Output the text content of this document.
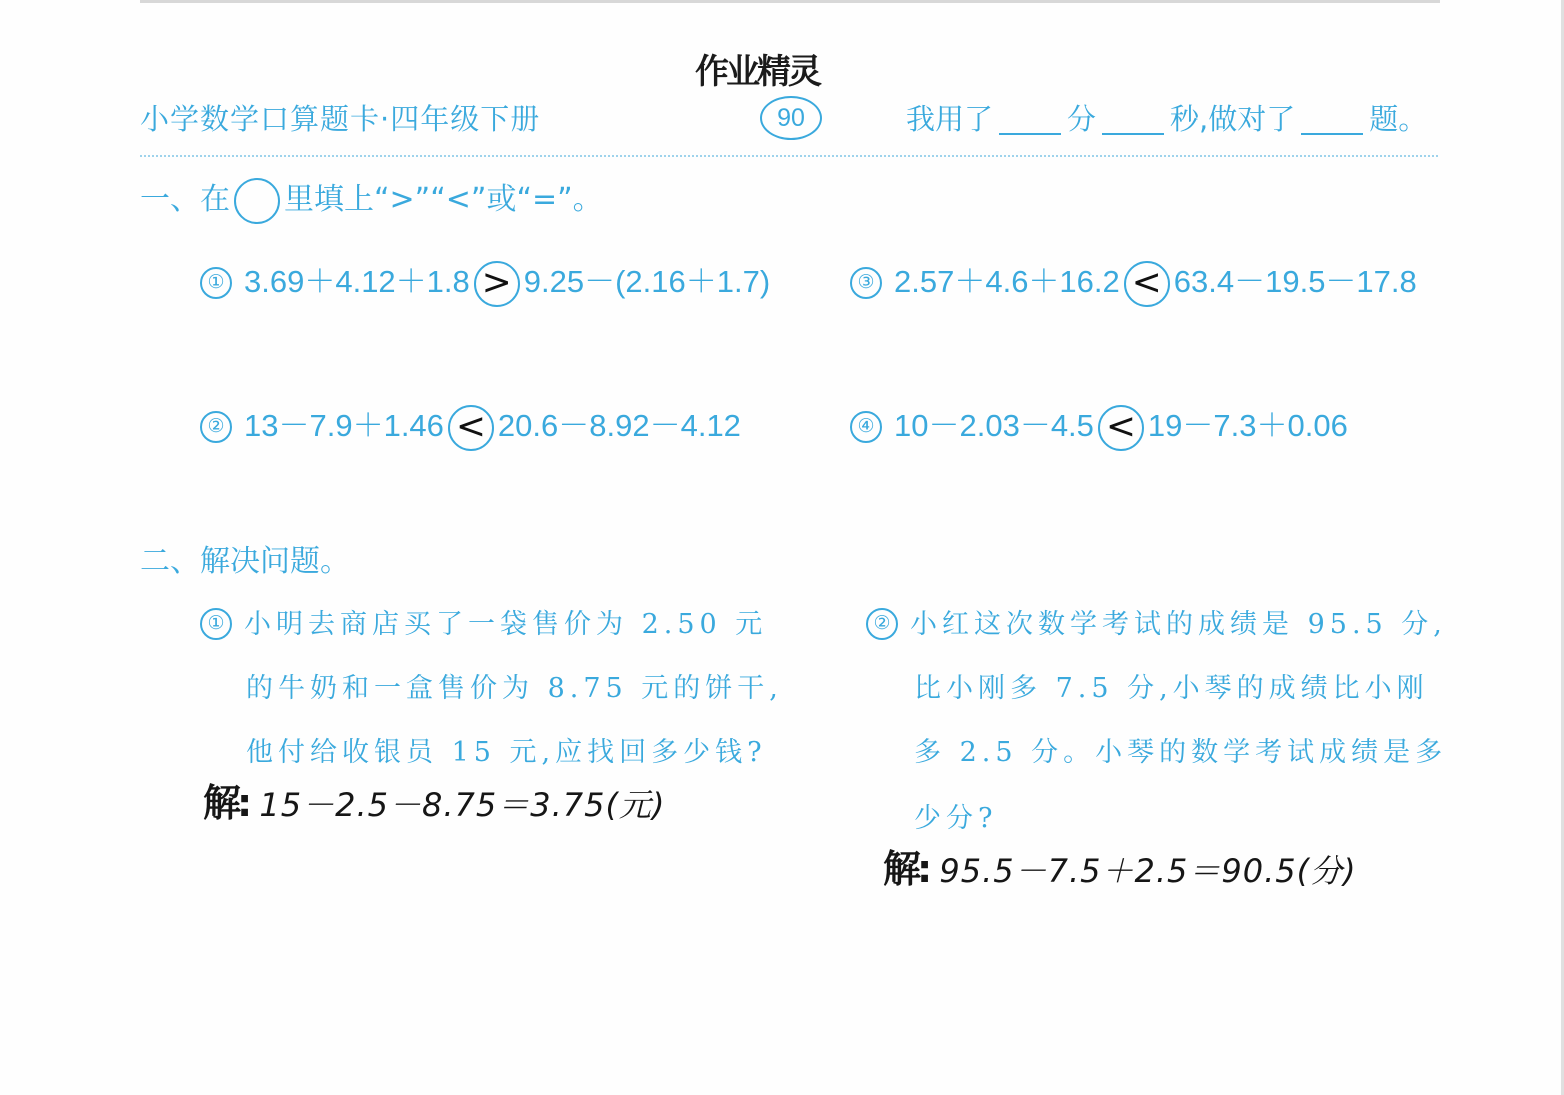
作业精灵
小学数学口算题卡·四年级下册	90	我用了	分	秒,做对了	题。
一、在 里填上“>”“<”或“=”。
① 3.69＋4.12＋1.8 > 9.25－(2.16＋1.7)
② 13－7.9＋1.46 < 20.6－8.92－4.12
③ 2.57＋4.6＋16.2 < 63.4－19.5－17.8
④ 10－2.03－4.5 < 19－7.3＋0.06
二、解决问题。
① 小明去商店买了一袋售价为 2.50 元
的牛奶和一盒售价为 8.75 元的饼干,
他付给收银员 15 元,应找回多少钱?
解: 15－2.5－8.75＝3.75(元)
② 小红这次数学考试的成绩是 95.5 分,
比小刚多 7.5 分,小琴的成绩比小刚
多 2.5 分。小琴的数学考试成绩是多
少分?
解: 95.5－7.5＋2.5＝90.5(分)
